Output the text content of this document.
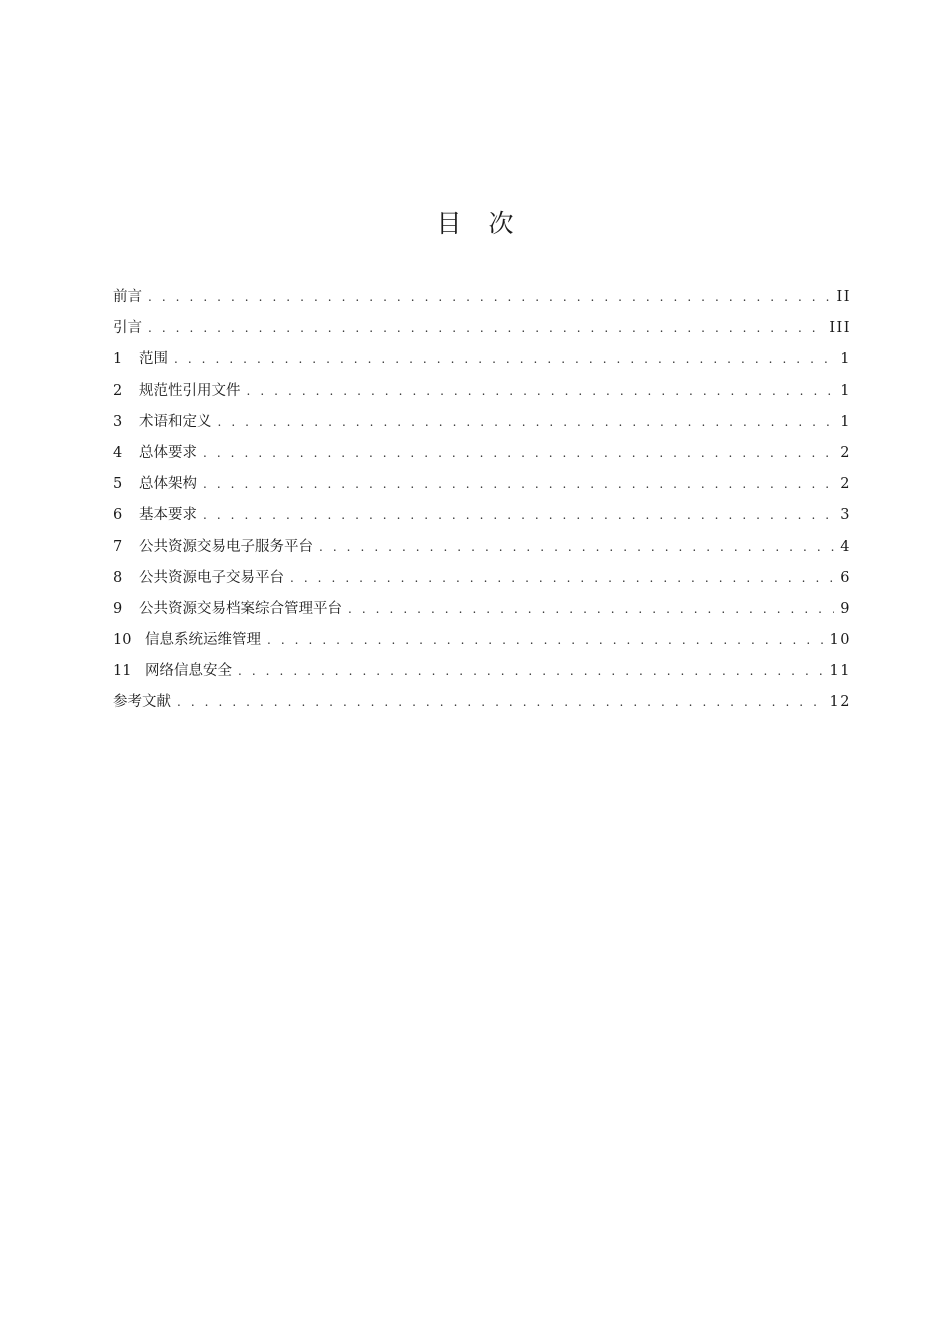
目 次
前言 . . .	II
引言 . . .	III
1	范围 . . .	1
2	规范性引用文件 . . .	1
3	术语和定义 . . .	1
4	总体要求 . . .	2
5	总体架构 . . .	2
6	基本要求 . . .	3
7	公共资源交易电子服务平台 . . .	4
8	公共资源电子交易平台 . . .	6
9	公共资源交易档案综合管理平台 . . .	9
10 信息系统运维管理 . . .	10
11 网络信息安全 . . .	11
参考文献 . . .	12
